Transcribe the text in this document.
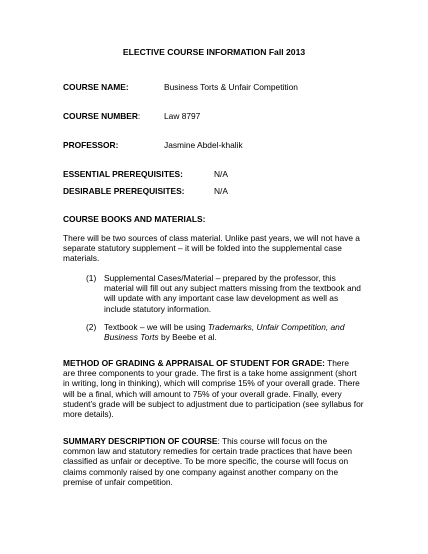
ELECTIVE COURSE INFORMATION Fall 2013
COURSE NAME:	Business Torts & Unfair Competition
COURSE NUMBER:	Law 8797
PROFESSOR:	Jasmine Abdel-khalik
ESSENTIAL PREREQUISITES:	N/A
DESIRABLE PREREQUISITES:	N/A
COURSE BOOKS AND MATERIALS:
There will be two sources of class material. Unlike past years, we will not have a
separate statutory supplement – it will be folded into the supplemental case
materials.
(1) Supplemental Cases/Material – prepared by the professor, this
material will fill out any subject matters missing from the textbook and
will update with any important case law development as well as
include statutory information.
(2) Textbook – we will be using Trademarks, Unfair Competition, and
Business Torts by Beebe et al.
METHOD OF GRADING & APPRAISAL OF STUDENT FOR GRADE: There
are three components to your grade. The first is a take home assignment (short
in writing, long in thinking), which will comprise 15% of your overall grade. There
will be a final, which will amount to 75% of your overall grade. Finally, every
student’s grade will be subject to adjustment due to participation (see syllabus for
more details).
SUMMARY DESCRIPTION OF COURSE: This course will focus on the
common law and statutory remedies for certain trade practices that have been
classified as unfair or deceptive. To be more specific, the course will focus on
claims commonly raised by one company against another company on the
premise of unfair competition.
